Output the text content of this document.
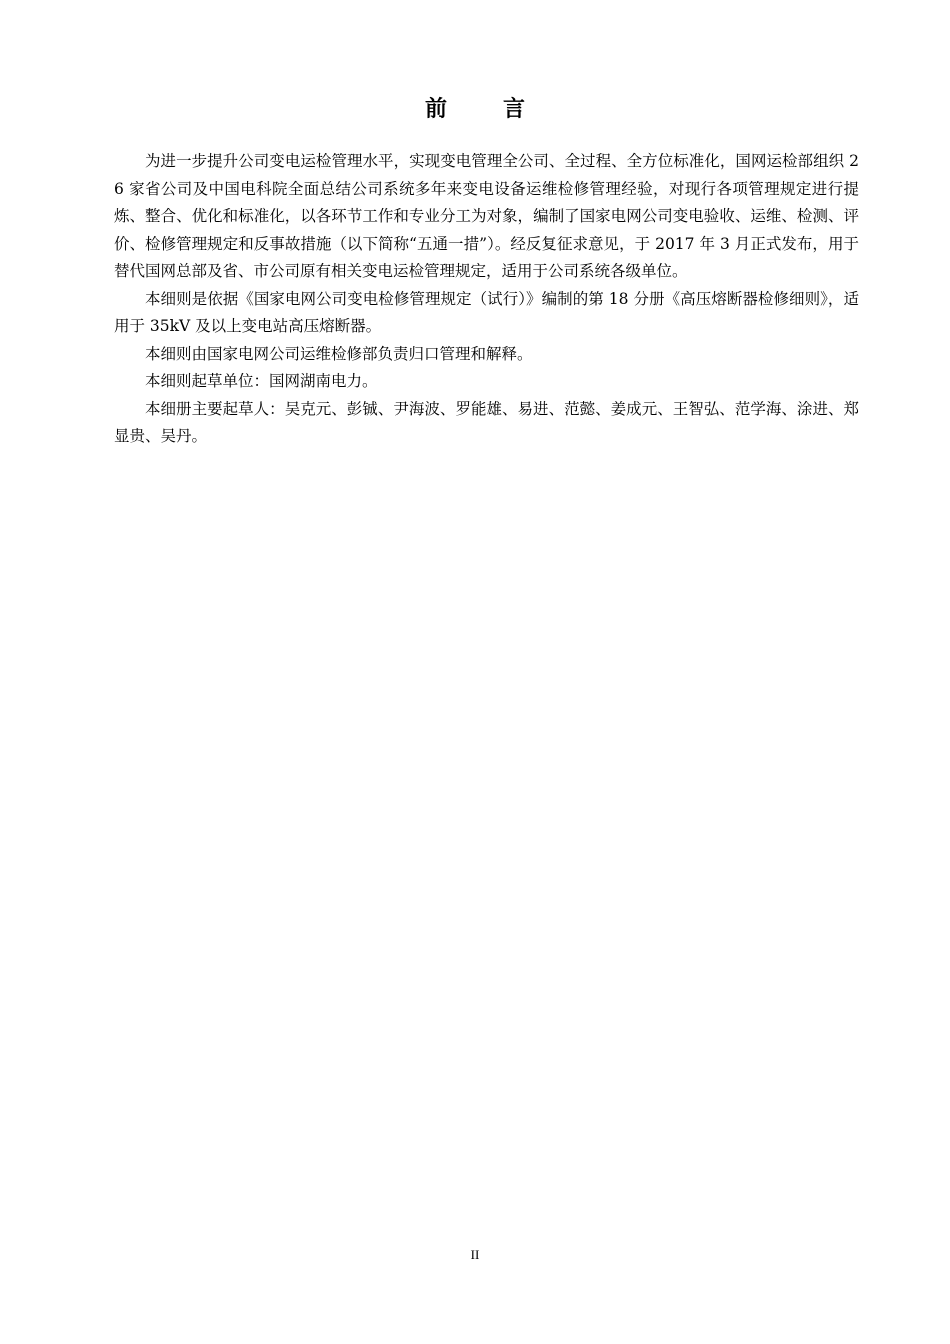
前言

为进一步提升公司变电运检管理水平，实现变电管理全公司、全过程、全方位标准化，国网运检部组织 26 家省公司及中国电科院全面总结公司系统多年来变电设备运维检修管理经验，对现行各项管理规定进行提炼、整合、优化和标准化，以各环节工作和专业分工为对象，编制了国家电网公司变电验收、运维、检测、评价、检修管理规定和反事故措施（以下简称“五通一措”）。经反复征求意见，于 2017 年 3 月正式发布，用于替代国网总部及省、市公司原有相关变电运检管理规定，适用于公司系统各级单位。

本细则是依据《国家电网公司变电检修管理规定（试行）》编制的第 18 分册《高压熔断器检修细则》，适用于 35kV 及以上变电站高压熔断器。

本细则由国家电网公司运维检修部负责归口管理和解释。

本细则起草单位：国网湖南电力。

本细册主要起草人：吴克元、彭铖、尹海波、罗能雄、易进、范懿、姜成元、王智弘、范学海、涂进、郑显贵、吴丹。

II
